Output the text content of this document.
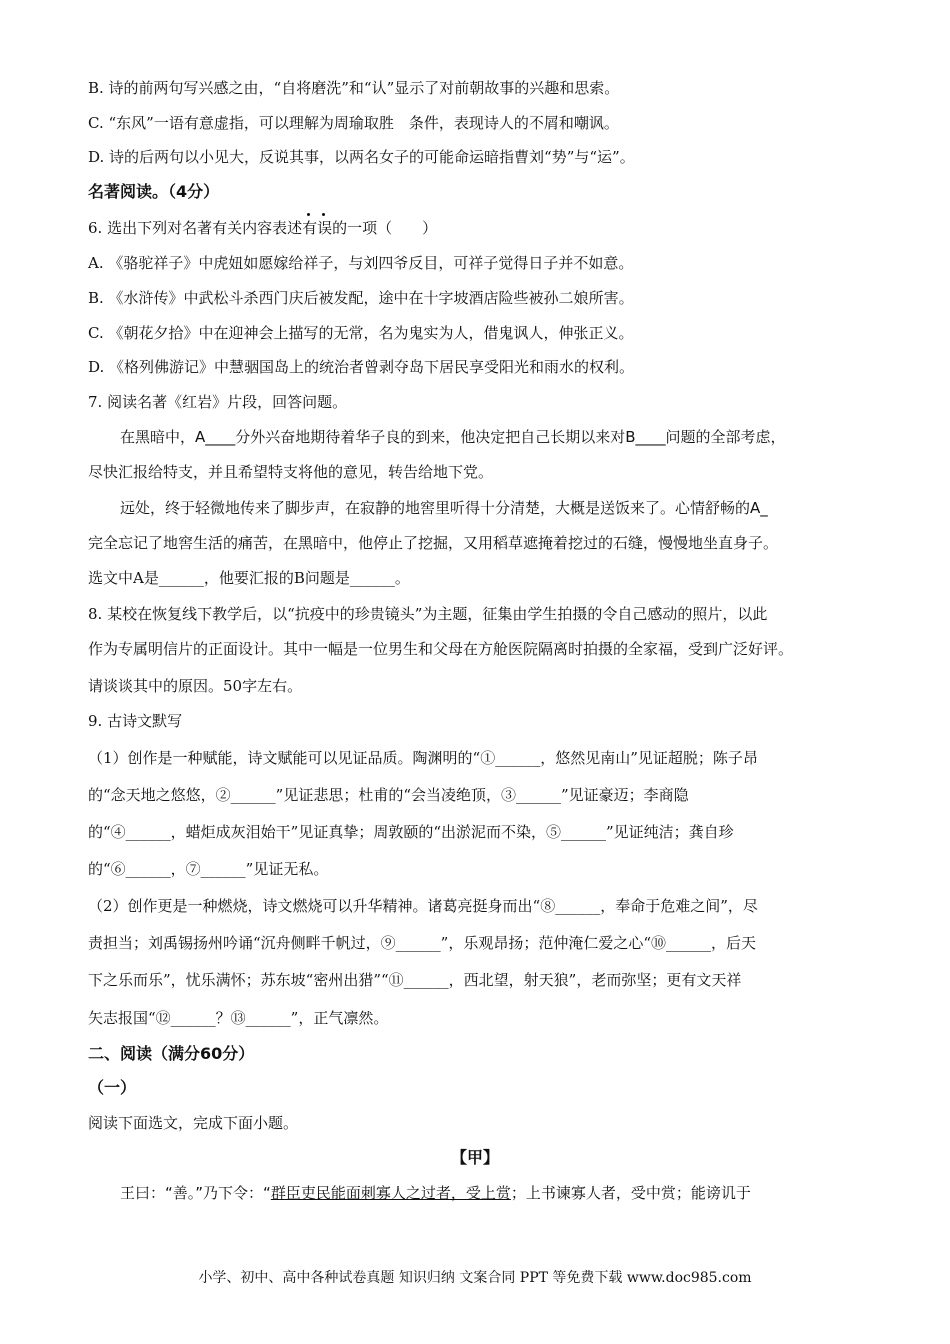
B. 诗的前两句写兴感之由，“自将磨洗”和“认”显示了对前朝故事的兴趣和思索。
C. “东风”一语有意虚指，可以理解为周瑜取胜　条件，表现诗人的不屑和嘲讽。
D. 诗的后两句以小见大，反说其事，以两名女子的可能命运暗指曹刘“势”与“运”。
名著阅读。（4分）
6. 选出下列对名著有关内容表述有误
的一项（　　）
A. 《骆驼祥子》中虎妞如愿嫁给祥子，与刘四爷反目，可祥子觉得日子并不如意。
B. 《水浒传》中武松斗杀西门庆后被发配，途中在十字坡酒店险些被孙二娘所害。
C. 《朝花夕拾》中在迎神会上描写的无常，名为鬼实为人，借鬼讽人，伸张正义。
D. 《格列佛游记》中慧骃国岛上的统治者曾剥夺岛下居民享受阳光和雨水的权利。
7. 阅读名著《红岩》片段，回答问题。
在黑暗中，A____分外兴奋地期待着华子良的到来，他决定把自己长期以来对B____问题的全部考虑，
尽快汇报给特支，并且希望特支将他的意见，转告给地下党。
远处，终于轻微地传来了脚步声，在寂静的地窖里听得十分清楚，大概是送饭来了。心情舒畅的A_
完全忘记了地窖生活的痛苦，在黑暗中，他停止了挖掘，又用稻草遮掩着挖过的石缝，慢慢地坐直身子。
选文中A是______，他要汇报的B问题是______。
8. 某校在恢复线下教学后，以“抗疫中的珍贵镜头”为主题，征集由学生拍摄的令自己感动的照片，以此
作为专属明信片的正面设计。其中一幅是一位男生和父母在方舱医院隔离时拍摄的全家福，受到广泛好评。
请谈谈其中的原因。50字左右。
9. 古诗文默写
（1）创作是一种赋能，诗文赋能可以见证品质。陶渊明的“①______，悠然见南山”见证超脱；陈子昂
的“念天地之悠悠，②______”见证悲思；杜甫的“会当凌绝顶，③______”见证豪迈；李商隐
的“④______，蜡炬成灰泪始干”见证真挚；周敦颐的“出淤泥而不染，⑤______”见证纯洁；龚自珍
的“⑥______，⑦______”见证无私。
（2）创作更是一种燃烧，诗文燃烧可以升华精神。诸葛亮挺身而出“⑧______，奉命于危难之间”，尽
责担当；刘禹锡扬州吟诵“沉舟侧畔千帆过，⑨______”，乐观昂扬；范仲淹仁爱之心“⑩______，后天
下之乐而乐”，忧乐满怀；苏东坡“密州出猎”“⑪______，西北望，射天狼”，老而弥坚；更有文天祥
矢志报国“⑫______？⑬______”，正气凛然。
二、阅读（满分60分）
（一）
阅读下面选文，完成下面小题。
【甲】
王曰：“善。”乃下令：“群臣吏民能面刺寡人之过者，受上赏；上书谏寡人者，受中赏；能谤讥于
小学、初中、高中各种试卷真题 知识归纳 文案合同 PPT 等免费下载 www.doc985.com
